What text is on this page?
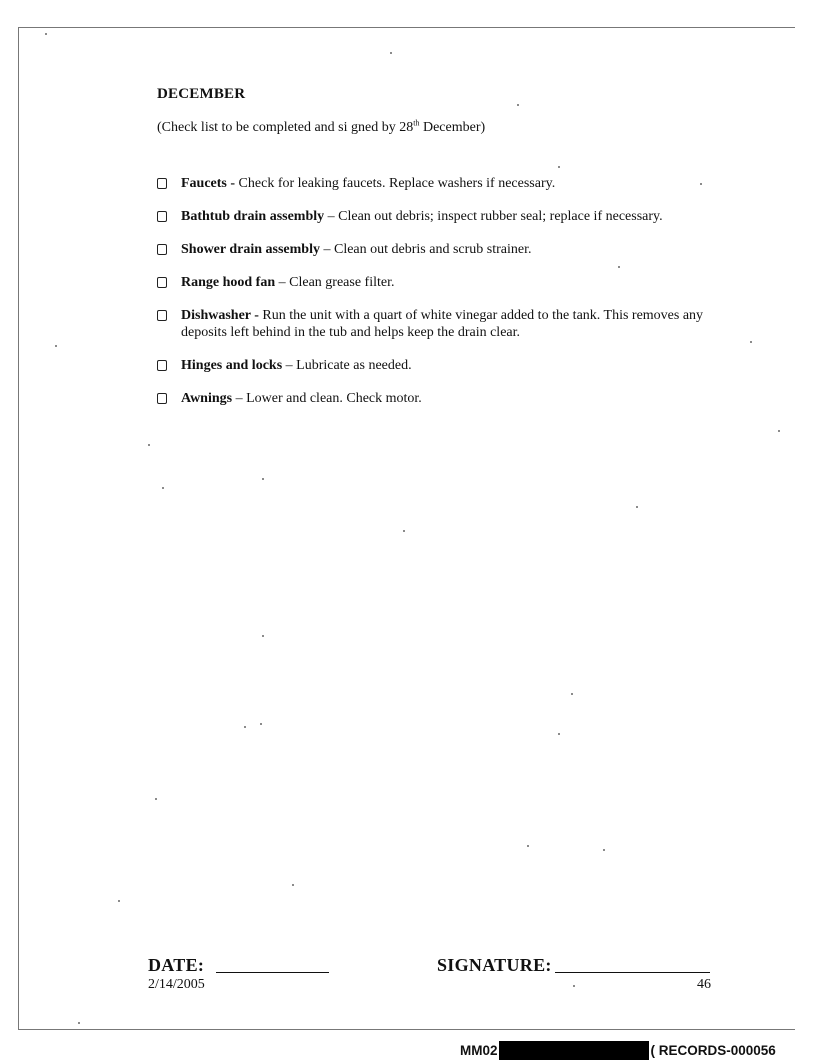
DECEMBER
(Check list to be completed and si gned by 28th December)
Faucets - Check for leaking faucets. Replace washers if necessary.
Bathtub drain assembly – Clean out debris; inspect rubber seal; replace if necessary.
Shower drain assembly – Clean out debris and scrub strainer.
Range hood fan – Clean grease filter.
Dishwasher - Run the unit with a quart of white vinegar added to the tank. This removes any deposits left behind in the tub and helps keep the drain clear.
Hinges and locks – Lubricate as needed.
Awnings – Lower and clean. Check motor.
DATE:	SIGNATURE:
2/14/2005	46
MM02	( RECORDS-000056
